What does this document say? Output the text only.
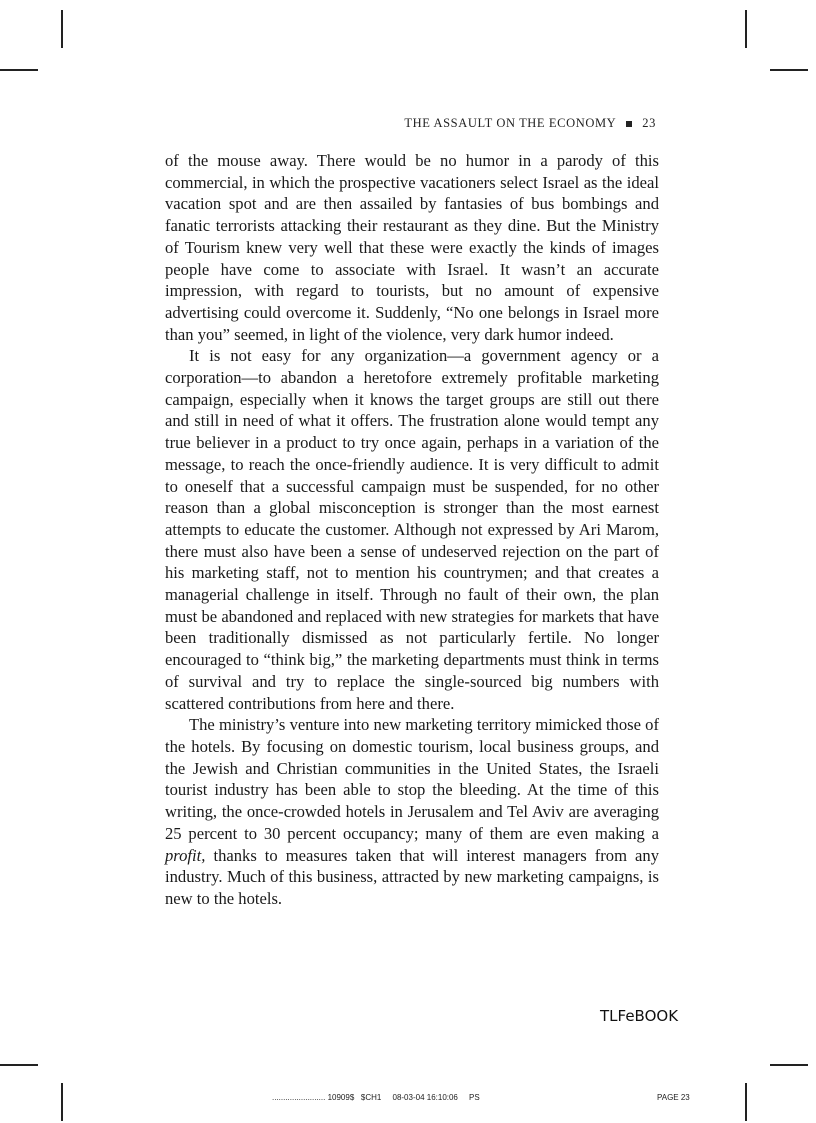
THE ASSAULT ON THE ECONOMY 23

of the mouse away. There would be no humor in a parody of this commercial, in which the prospective vacationers select Israel as the ideal vacation spot and are then assailed by fantasies of bus bombings and fanatic terrorists attacking their restaurant as they dine. But the Ministry of Tourism knew very well that these were exactly the kinds of images people have come to associate with Israel. It wasn’t an accurate impression, with regard to tourists, but no amount of expensive advertising could overcome it. Suddenly, “No one belongs in Israel more than you” seemed, in light of the violence, very dark humor indeed.

It is not easy for any organization—a government agency or a corporation—to abandon a heretofore extremely profitable marketing campaign, especially when it knows the target groups are still out there and still in need of what it offers. The frustration alone would tempt any true believer in a product to try once again, perhaps in a variation of the message, to reach the once-friendly audience. It is very difficult to admit to oneself that a successful campaign must be suspended, for no other reason than a global misconception is stronger than the most earnest attempts to educate the customer. Although not expressed by Ari Marom, there must also have been a sense of undeserved rejection on the part of his marketing staff, not to mention his countrymen; and that creates a managerial challenge in itself. Through no fault of their own, the plan must be abandoned and replaced with new strategies for markets that have been traditionally dismissed as not particularly fertile. No longer encouraged to “think big,” the marketing departments must think in terms of survival and try to replace the single-sourced big numbers with scattered contributions from here and there.

The ministry’s venture into new marketing territory mimicked those of the hotels. By focusing on domestic tourism, local business groups, and the Jewish and Christian communities in the United States, the Israeli tourist industry has been able to stop the bleeding. At the time of this writing, the once-crowded hotels in Jerusalem and Tel Aviv are averaging 25 percent to 30 percent occupancy; many of them are even making a profit, thanks to measures taken that will interest managers from any industry. Much of this business, attracted by new marketing campaigns, is new to the hotels.

TLFeBOOK
........................ 10909$   $CH1     08-03-04 16:10:06     PS	PAGE 23
